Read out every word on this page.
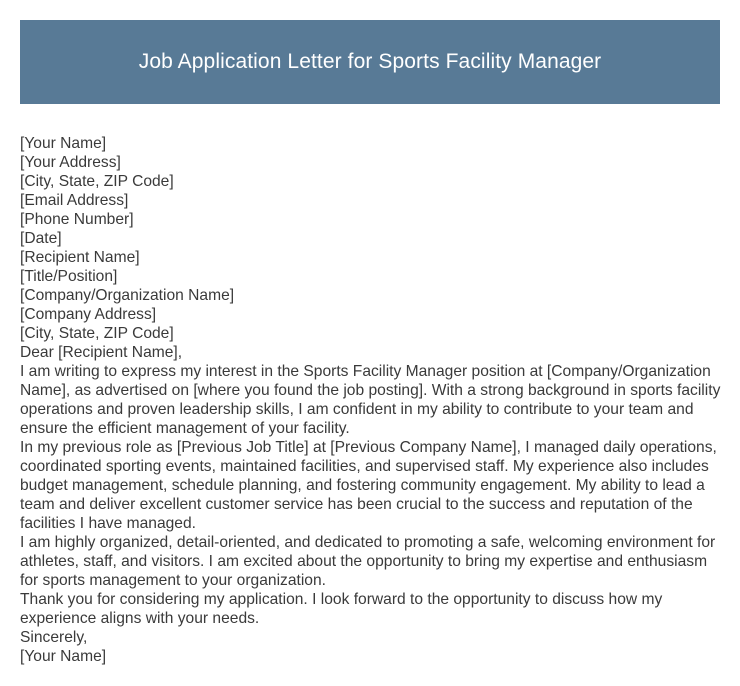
Job Application Letter for Sports Facility Manager
[Your Name]
[Your Address]
[City, State, ZIP Code]
[Email Address]
[Phone Number]
[Date]
[Recipient Name]
[Title/Position]
[Company/Organization Name]
[Company Address]
[City, State, ZIP Code]
Dear [Recipient Name],
I am writing to express my interest in the Sports Facility Manager position at [Company/Organization Name], as advertised on [where you found the job posting]. With a strong background in sports facility operations and proven leadership skills, I am confident in my ability to contribute to your team and ensure the efficient management of your facility.
In my previous role as [Previous Job Title] at [Previous Company Name], I managed daily operations, coordinated sporting events, maintained facilities, and supervised staff. My experience also includes budget management, schedule planning, and fostering community engagement. My ability to lead a team and deliver excellent customer service has been crucial to the success and reputation of the facilities I have managed.
I am highly organized, detail-oriented, and dedicated to promoting a safe, welcoming environment for athletes, staff, and visitors. I am excited about the opportunity to bring my expertise and enthusiasm for sports management to your organization.
Thank you for considering my application. I look forward to the opportunity to discuss how my experience aligns with your needs.
Sincerely,
[Your Name]
